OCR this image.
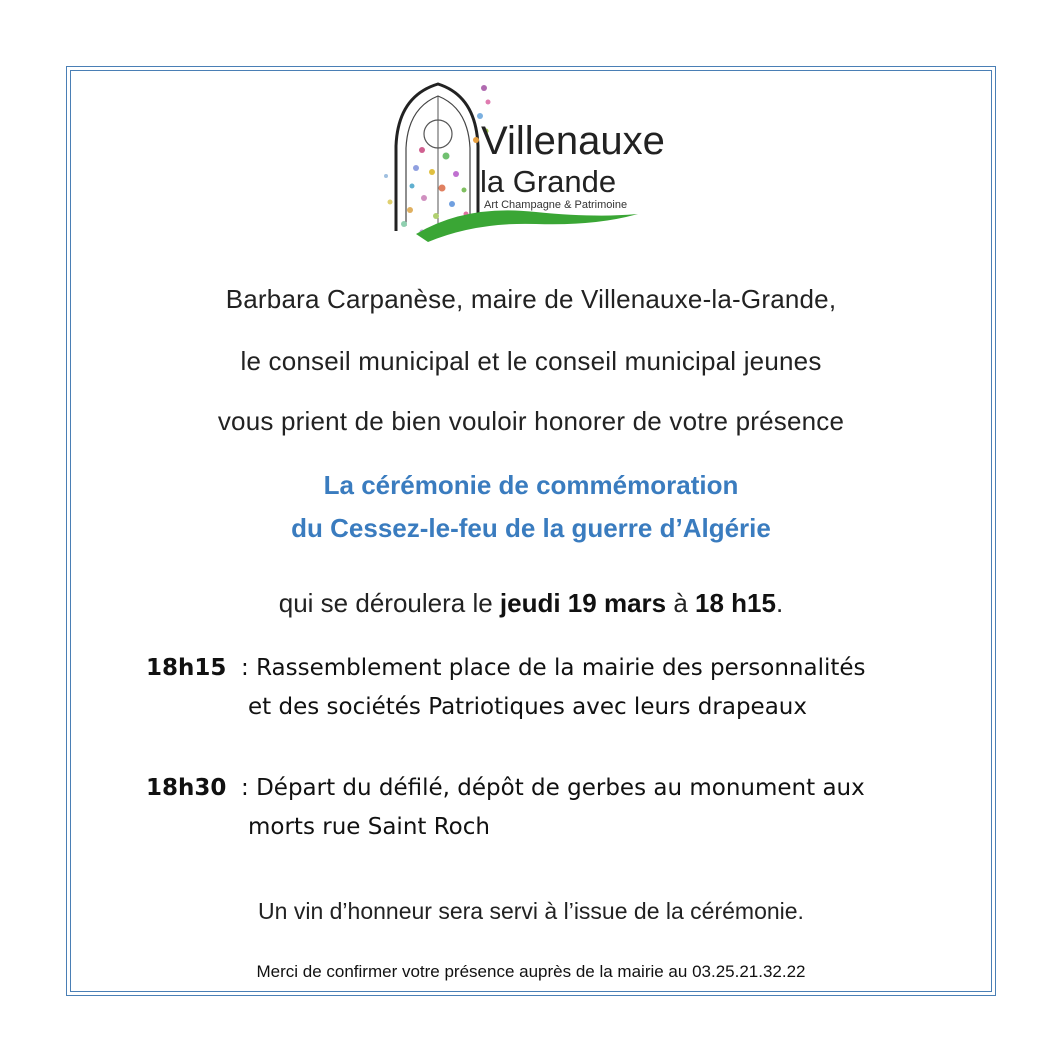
Villenauxe
la Grande
Art Champagne & Patrimoine
Barbara Carpanèse, maire de Villenauxe-la-Grande,
le conseil municipal et le conseil municipal jeunes
vous prient de bien vouloir honorer de votre présence
La cérémonie de commémoration
du Cessez-le-feu de la guerre d’Algérie
qui se déroulera le jeudi 19 mars à 18 h15.
18h15  : Rassemblement place de la mairie des personnalités
et des sociétés Patriotiques avec leurs drapeaux
18h30  : Départ du défilé, dépôt de gerbes au monument aux
morts rue Saint Roch
Un vin d’honneur sera servi à l’issue de la cérémonie.
Merci de confirmer votre présence auprès de la mairie au 03.25.21.32.22
